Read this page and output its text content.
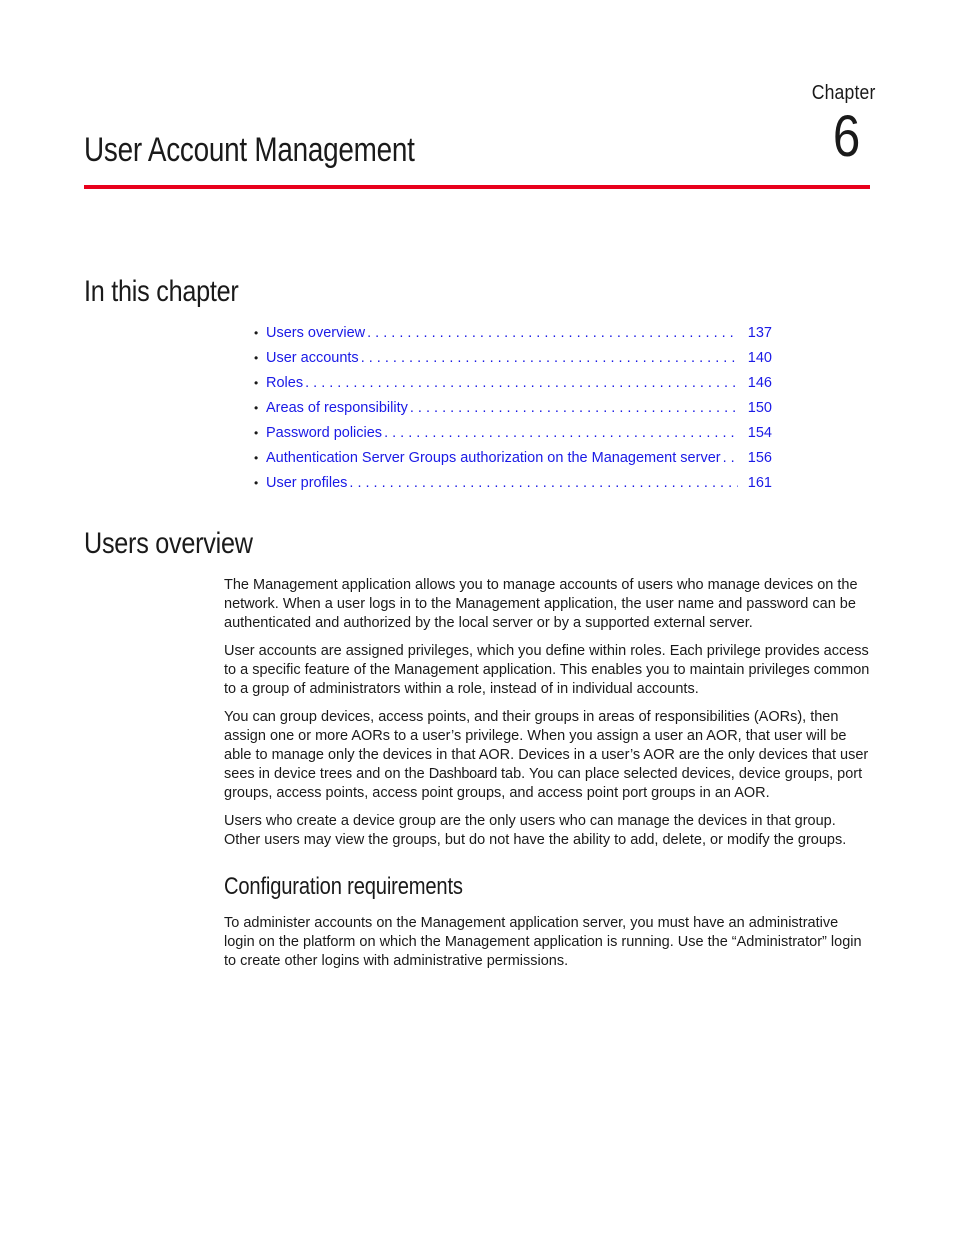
Chapter
6
User Account Management
In this chapter
• Users overview . . .	137
• User accounts . . .	140
• Roles . . .	146
• Areas of responsibility . . .	150
• Password policies . . .	154
• Authentication Server Groups authorization on the Management server . . .	156
• User profiles . . .	161
Users overview

The Management application allows you to manage accounts of users who manage devices on the network. When a user logs in to the Management application, the user name and password can be authenticated and authorized by the local server or by a supported external server.

User accounts are assigned privileges, which you define within roles. Each privilege provides access to a specific feature of the Management application. This enables you to maintain privileges common to a group of administrators within a role, instead of in individual accounts.

You can group devices, access points, and their groups in areas of responsibilities (AORs), then assign one or more AORs to a user’s privilege. When you assign a user an AOR, that user will be able to manage only the devices in that AOR. Devices in a user’s AOR are the only devices that user sees in device trees and on the Dashboard tab. You can place selected devices, device groups, port groups, access points, access point groups, and access point port groups in an AOR.

Users who create a device group are the only users who can manage the devices in that group. Other users may view the groups, but do not have the ability to add, delete, or modify the groups.

Configuration requirements

To administer accounts on the Management application server, you must have an administrative login on the platform on which the Management application is running. Use the “Administrator” login to create other logins with administrative permissions.
